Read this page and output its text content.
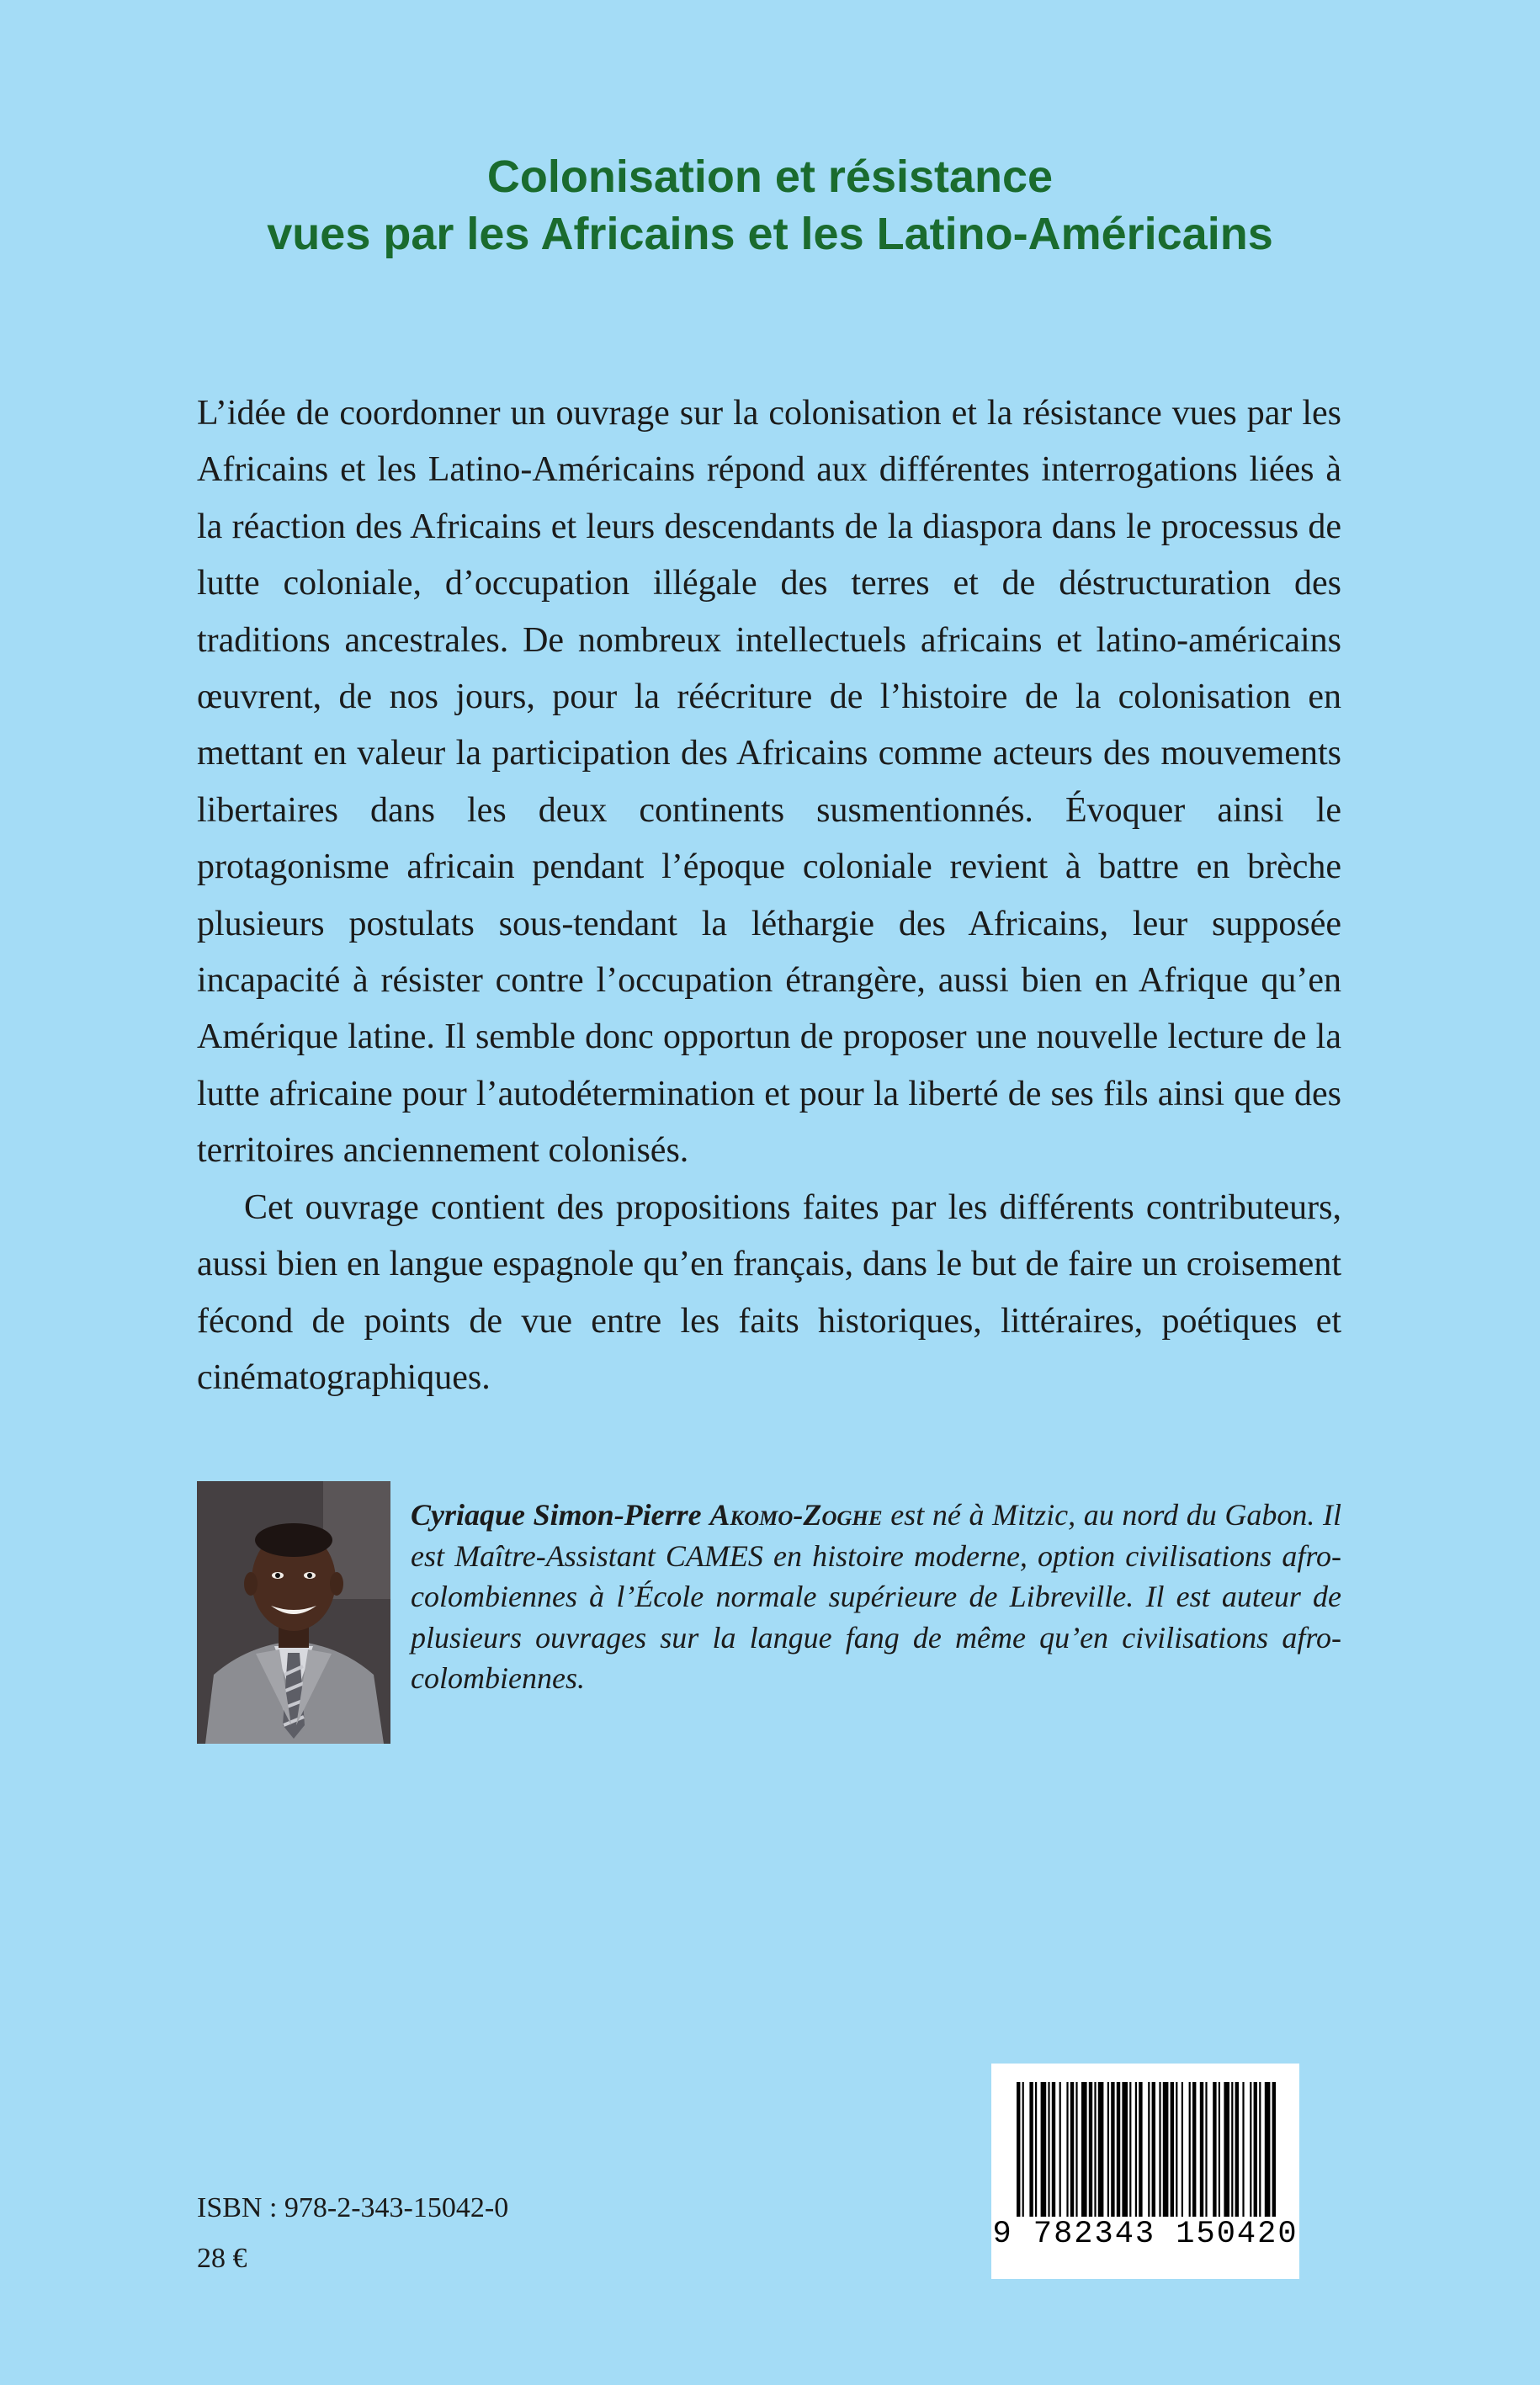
Colonisation et résistance
vues par les Africains et les Latino-Américains

L’idée de coordonner un ouvrage sur la colonisation et la résistance vues par les Africains et les Latino-Américains répond aux différentes interrogations liées à la réaction des Africains et leurs descendants de la diaspora dans le processus de lutte coloniale, d’occupation illégale des terres et de déstructuration des traditions ancestrales. De nombreux intellectuels africains et latino-américains œuvrent, de nos jours, pour la réécriture de l’histoire de la colonisation en mettant en valeur la participation des Africains comme acteurs des mouvements libertaires dans les deux continents susmentionnés. Évoquer ainsi le protagonisme africain pendant l’époque coloniale revient à battre en brèche plusieurs postulats sous-tendant la léthargie des Africains, leur supposée incapacité à résister contre l’occupation étrangère, aussi bien en Afrique qu’en Amérique latine. Il semble donc opportun de proposer une nouvelle lecture de la lutte africaine pour l’autodétermination et pour la liberté de ses fils ainsi que des territoires anciennement colonisés.

Cet ouvrage contient des propositions faites par les différents contributeurs, aussi bien en langue espagnole qu’en français, dans le but de faire un croisement fécond de points de vue entre les faits historiques, littéraires, poétiques et cinématographiques.

Cyriaque Simon-Pierre Akomo-Zoghe est né à Mitzic, au nord du Gabon. Il est Maître-Assistant CAMES en histoire moderne, option civilisations afro-colombiennes à l’École normale supérieure de Libreville. Il est auteur de plusieurs ouvrages sur la langue fang de même qu’en civilisations afro-colombiennes.
ISBN : 978-2-343-15042-0
28 €
9 782343 150420
